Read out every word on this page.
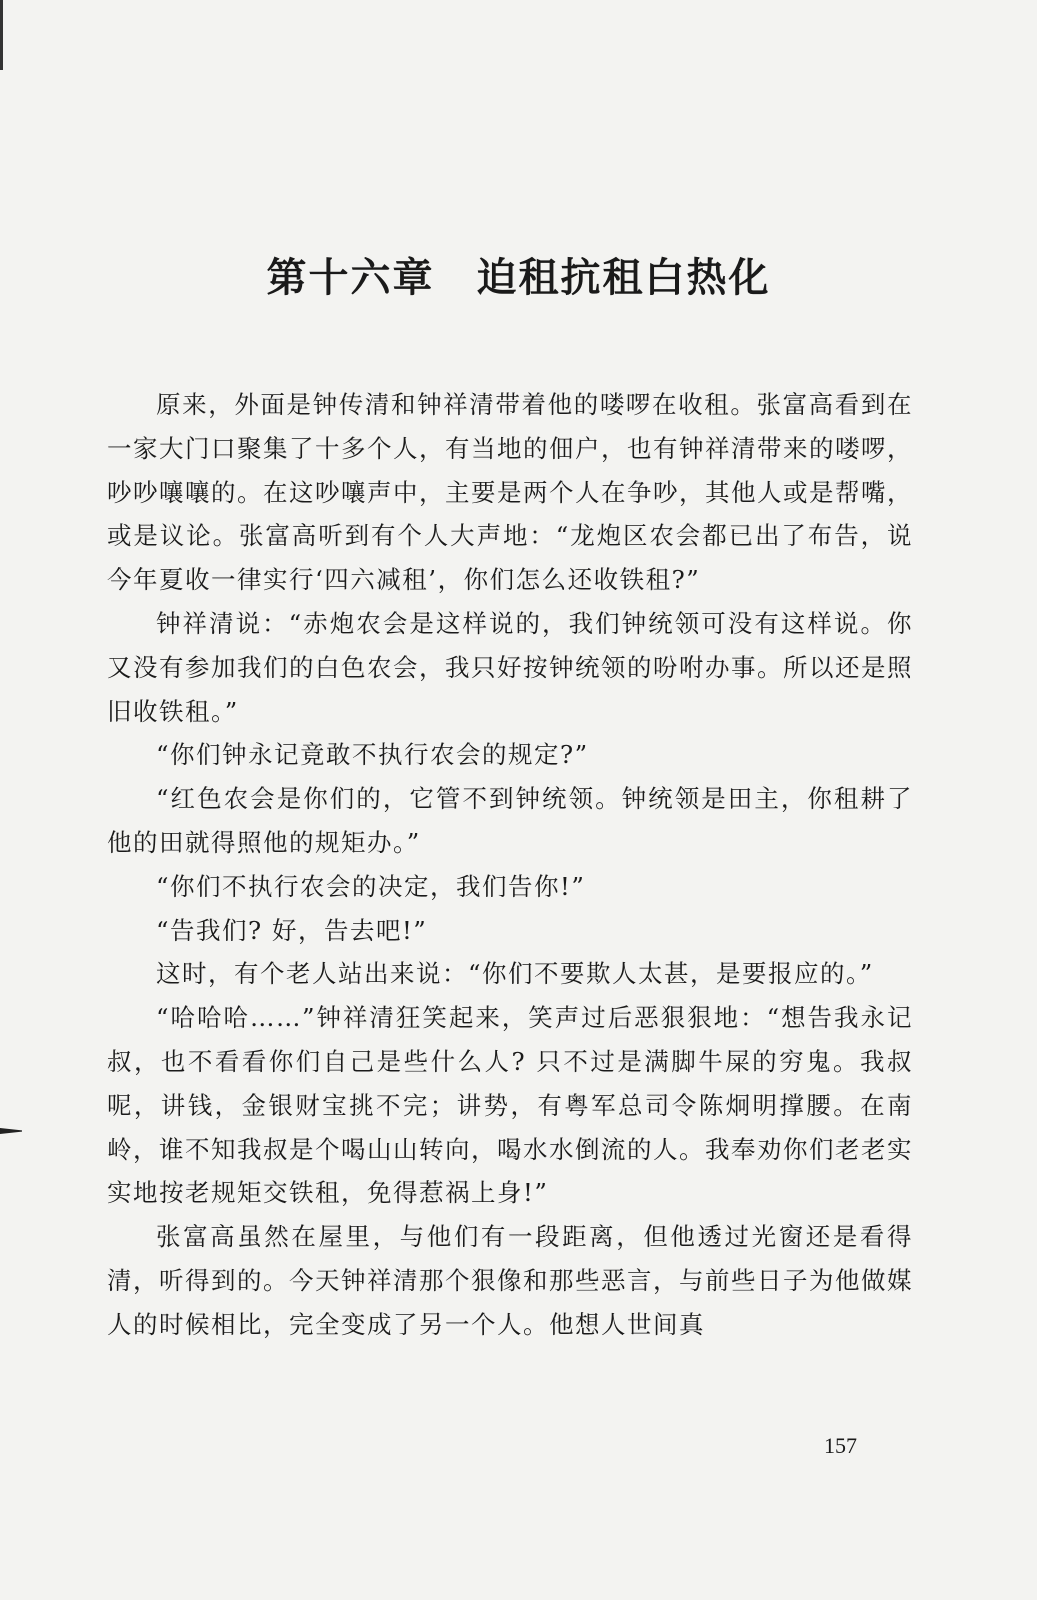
第十六章 迫租抗租白热化

原来，外面是钟传清和钟祥清带着他的喽啰在收租。张富高看到在一家大门口聚集了十多个人，有当地的佃户，也有钟祥清带来的喽啰，吵吵嚷嚷的。在这吵嚷声中，主要是两个人在争吵，其他人或是帮嘴，或是议论。张富高听到有个人大声地：“龙炮区农会都已出了布告，说今年夏收一律实行‘四六减租’，你们怎么还收铁租?”

钟祥清说：“赤炮农会是这样说的，我们钟统领可没有这样说。你又没有参加我们的白色农会，我只好按钟统领的吩咐办事。所以还是照旧收铁租。”

“你们钟永记竟敢不执行农会的规定?”

“红色农会是你们的，它管不到钟统领。钟统领是田主，你租耕了他的田就得照他的规矩办。”

“你们不执行农会的决定，我们告你!”

“告我们? 好，告去吧!”

这时，有个老人站出来说：“你们不要欺人太甚，是要报应的。”

“哈哈哈……”钟祥清狂笑起来，笑声过后恶狠狠地：“想告我永记叔，也不看看你们自己是些什么人? 只不过是满脚牛屎的穷鬼。我叔呢，讲钱，金银财宝挑不完；讲势，有粤军总司令陈炯明撑腰。在南岭，谁不知我叔是个喝山山转向，喝水水倒流的人。我奉劝你们老老实实地按老规矩交铁租，免得惹祸上身!”

张富高虽然在屋里，与他们有一段距离，但他透过光窗还是看得清，听得到的。今天钟祥清那个狠像和那些恶言，与前些日子为他做媒人的时候相比，完全变成了另一个人。他想人世间真

157
